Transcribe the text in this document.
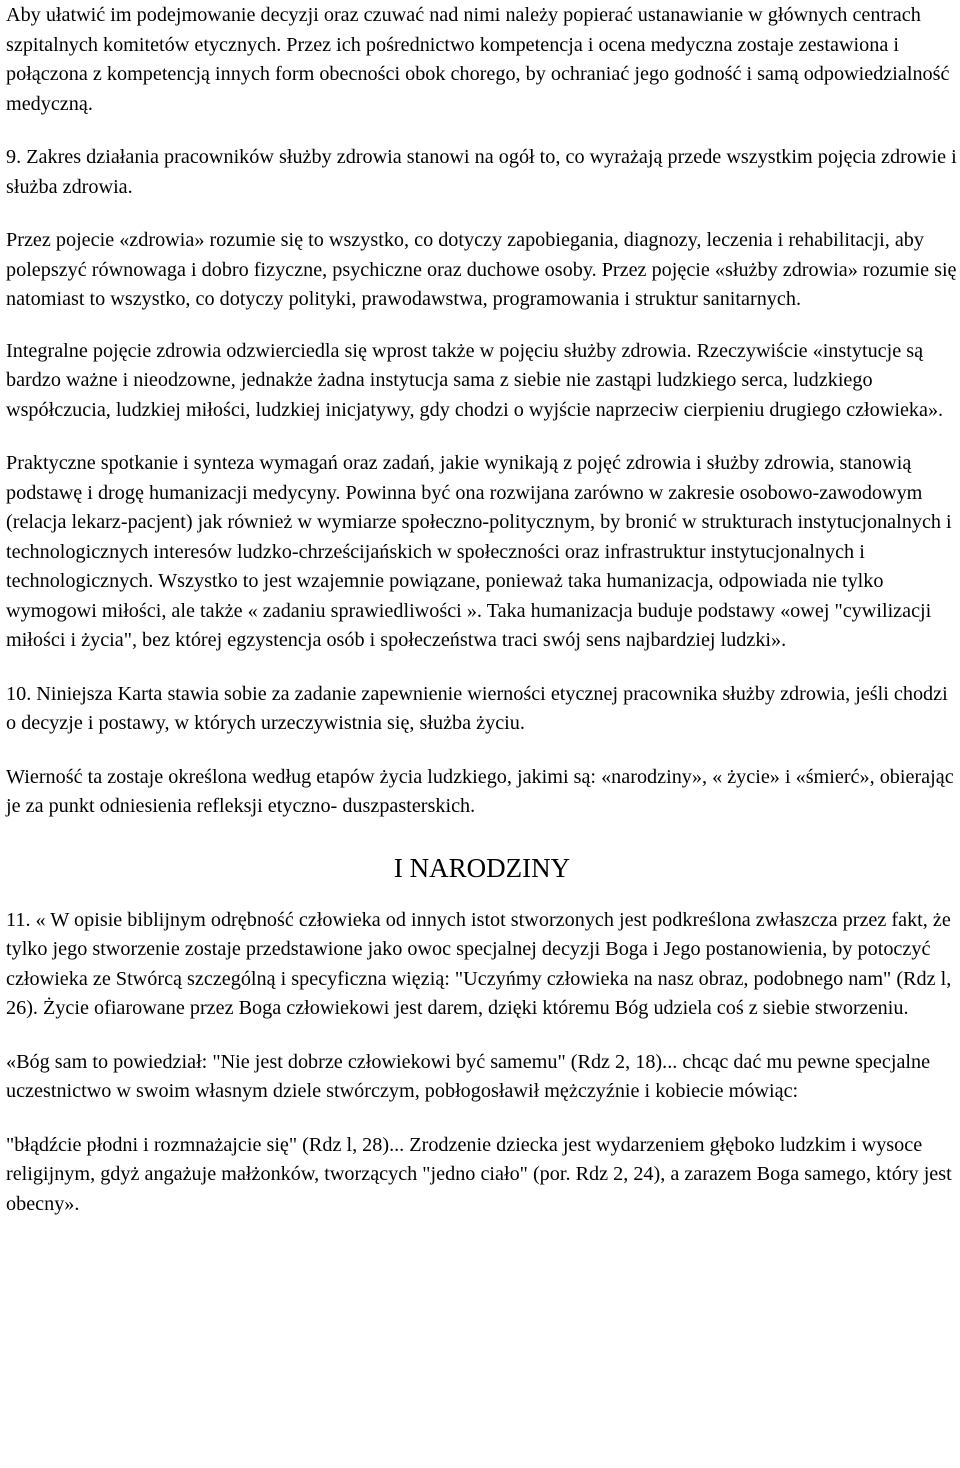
Aby ułatwić im podejmowanie decyzji oraz czuwać nad nimi należy popierać ustanawianie w głównych centrach szpitalnych komitetów etycznych. Przez ich pośrednictwo kompetencja i ocena medyczna zostaje zestawiona i połączona z kompetencją innych form obecności obok chorego, by ochraniać jego godność i samą odpowiedzialność medyczną.

9. Zakres działania pracowników służby zdrowia stanowi na ogół to, co wyrażają przede wszystkim pojęcia zdrowie i służba zdrowia.

Przez pojecie «zdrowia» rozumie się to wszystko, co dotyczy zapobiegania, diagnozy, leczenia i rehabilitacji, aby polepszyć równowaga i dobro fizyczne, psychiczne oraz duchowe osoby. Przez pojęcie «służby zdrowia» rozumie się natomiast to wszystko, co dotyczy polityki, prawodawstwa, programowania i struktur sanitarnych.

Integralne pojęcie zdrowia odzwierciedla się wprost także w pojęciu służby zdrowia. Rzeczywiście «instytucje są bardzo ważne i nieodzowne, jednakże żadna instytucja sama z siebie nie zastąpi ludzkiego serca, ludzkiego współczucia, ludzkiej miłości, ludzkiej inicjatywy, gdy chodzi o wyjście naprzeciw cierpieniu drugiego człowieka».

Praktyczne spotkanie i synteza wymagań oraz zadań, jakie wynikają z pojęć zdrowia i służby zdrowia, stanowią podstawę i drogę humanizacji medycyny. Powinna być ona rozwijana zarówno w zakresie osobowo-zawodowym (relacja lekarz-pacjent) jak również w wymiarze społeczno-politycznym, by bronić w strukturach instytucjonalnych i technologicznych interesów ludzko-chrześcijańskich w społeczności oraz infrastruktur instytucjonalnych i technologicznych. Wszystko to jest wzajemnie powiązane, ponieważ taka humanizacja, odpowiada nie tylko wymogowi miłości, ale także « zadaniu sprawiedliwości ». Taka humanizacja buduje podstawy «owej "cywilizacji miłości i życia", bez której egzystencja osób i społeczeństwa traci swój sens najbardziej ludzki».

10. Niniejsza Karta stawia sobie za zadanie zapewnienie wierności etycznej pracownika służby zdrowia, jeśli chodzi o decyzje i postawy, w których urzeczywistnia się, służba życiu.

Wierność ta zostaje określona według etapów życia ludzkiego, jakimi są: «narodziny», « życie» i «śmierć», obierając je za punkt odniesienia refleksji etyczno- duszpasterskich.

I NARODZINY

11. « W opisie biblijnym odrębność człowieka od innych istot stworzonych jest podkreślona zwłaszcza przez fakt, że tylko jego stworzenie zostaje przedstawione jako owoc specjalnej decyzji Boga i Jego postanowienia, by potoczyć człowieka ze Stwórcą szczególną i specyficzna więzią: "Uczyńmy człowieka na nasz obraz, podobnego nam" (Rdz l, 26). Życie ofiarowane przez Boga człowiekowi jest darem, dzięki któremu Bóg udziela coś z siebie stworzeniu.

«Bóg sam to powiedział: "Nie jest dobrze człowiekowi być samemu" (Rdz 2, 18)... chcąc dać mu pewne specjalne uczestnictwo w swoim własnym dziele stwórczym, pobłogosławił mężczyźnie i kobiecie mówiąc:

"błądźcie płodni i rozmnażajcie się" (Rdz l, 28)... Zrodzenie dziecka jest wydarzeniem głęboko ludzkim i wysoce religijnym, gdyż angażuje małżonków, tworzących "jedno ciało" (por. Rdz 2, 24), a zarazem Boga samego, który jest obecny».
